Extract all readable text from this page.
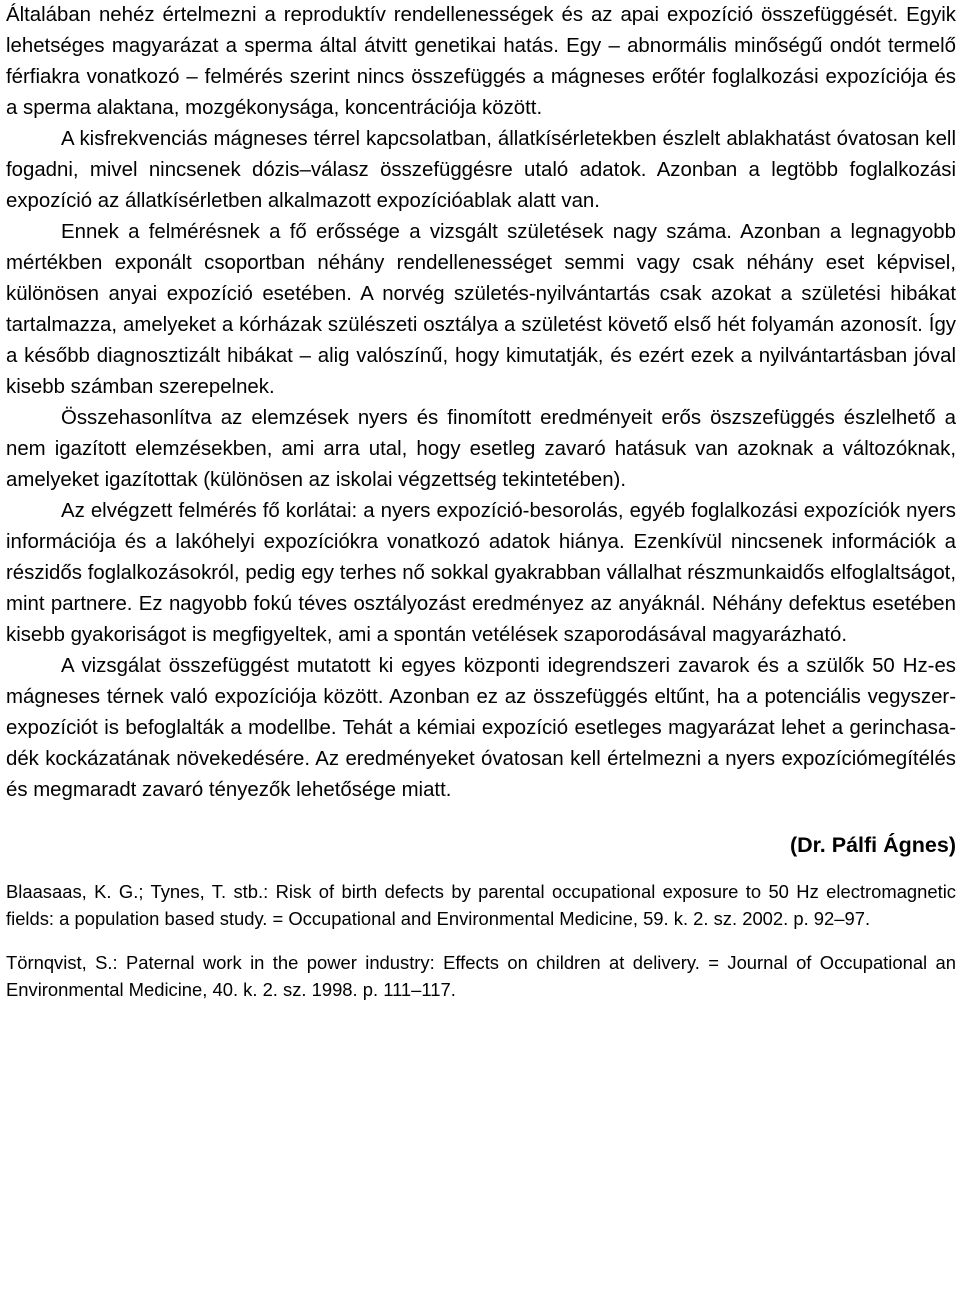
Általában nehéz értelmezni a reproduktív rendellenességek és az apai expozíció összefüggését. Egyik lehetséges magyarázat a sperma által átvitt genetikai hatás. Egy – abnormális minőségű ondót termelő férfiakra vonatkozó – felmérés szerint nincs összefüggés a mágneses erőtér foglalkozási expozíciója és a sperma alaktana, mozgékonysága, koncentrációja között.

A kisfrekvenciás mágneses térrel kapcsolatban, állatkísérletekben észlelt ablakhatást óvatosan kell fogadni, mivel nincsenek dózis–válasz összefüggésre utaló adatok. Azonban a legtöbb foglalkozási expozíció az állatkísérletben alkalmazott expozícióablak alatt van.

Ennek a felmérésnek a fő erőssége a vizsgált születések nagy száma. Azonban a legnagyobb mértékben exponált csoportban néhány rendellenességet semmi vagy csak néhány eset képvisel, különösen anyai expozíció esetében. A norvég születés-nyilvántartás csak azokat a születési hibákat tartalmazza, amelyeket a kórházak szülészeti osztálya a születést követő első hét folyamán azonosít. Így a később diagnosztizált hibákat – alig valószínű, hogy kimutatják, és ezért ezek a nyilvántartásban jóval kisebb számban szerepelnek.

Összehasonlítva az elemzések nyers és finomított eredményeit erős öszszefüggés észlelhető a nem igazított elemzésekben, ami arra utal, hogy esetleg zavaró hatásuk van azoknak a változóknak, amelyeket igazítottak (különösen az iskolai végzettség tekintetében).

Az elvégzett felmérés fő korlátai: a nyers expozíció-besorolás, egyéb foglalkozási expozíciók nyers információja és a lakóhelyi expozíciókra vonatkozó adatok hiánya. Ezenkívül nincsenek információk a részidős foglalkozásokról, pedig egy terhes nő sokkal gyakrabban vállalhat részmunkaidős elfoglaltságot, mint partnere. Ez nagyobb fokú téves osztályozást eredményez az anyáknál. Néhány defektus esetében kisebb gyakoriságot is megfigyeltek, ami a spontán vetélések szaporodásával magyarázható.

A vizsgálat összefüggést mutatott ki egyes központi idegrendszeri zavarok és a szülők 50 Hz-es mágneses térnek való expozíciója között. Azonban ez az összefüggés eltűnt, ha a potenciális vegyszer-expozíciót is befoglalták a modellbe. Tehát a kémiai expozíció esetleges magyarázat lehet a gerinchasadék kockázatának növekedésére. Az eredményeket óvatosan kell értelmezni a nyers expozíciómegítélés és megmaradt zavaró tényezők lehetősége miatt.

(Dr. Pálfi Ágnes)
Blaasaas, K. G.; Tynes, T. stb.: Risk of birth defects by parental occupational exposure to 50 Hz electromagnetic fields: a population based study. = Occupational and Environmental Medicine, 59. k. 2. sz. 2002. p. 92–97.
Törnqvist, S.: Paternal work in the power industry: Effects on children at delivery. = Journal of Occupational an Environmental Medicine, 40. k. 2. sz. 1998. p. 111–117.
